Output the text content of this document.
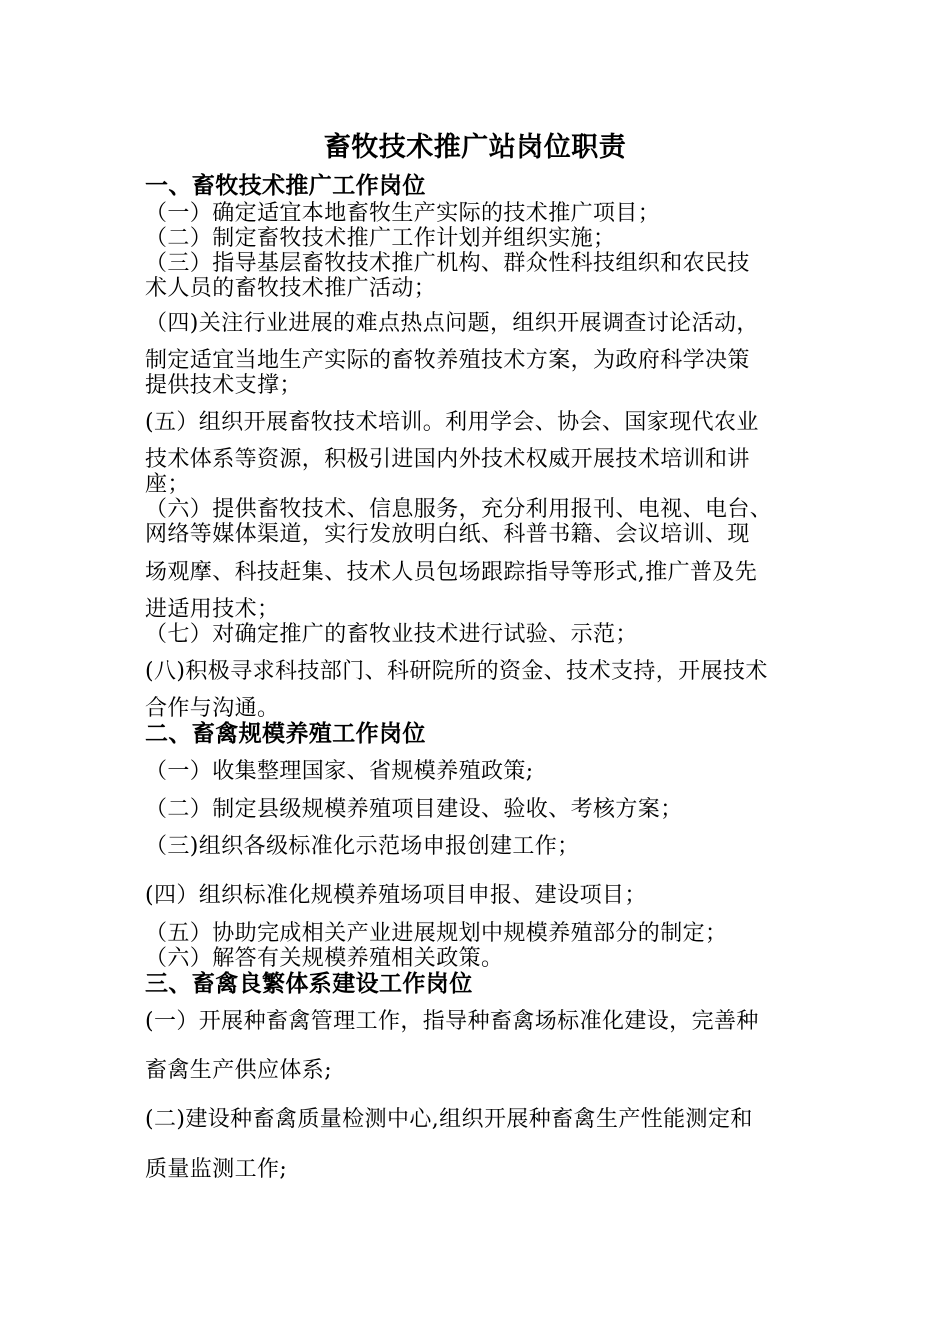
畜牧技术推广站岗位职责
一、畜牧技术推广工作岗位
（一）确定适宜本地畜牧生产实际的技术推广项目；
（二）制定畜牧技术推广工作计划并组织实施；
（三）指导基层畜牧技术推广机构、群众性科技组织和农民技
术人员的畜牧技术推广活动；
（四)关注行业进展的难点热点问题，组织开展调查讨论活动，
制定适宜当地生产实际的畜牧养殖技术方案，为政府科学决策
提供技术支撑；
(五）组织开展畜牧技术培训。利用学会、协会、国家现代农业
技术体系等资源，积极引进国内外技术权威开展技术培训和讲
座；
（六）提供畜牧技术、信息服务，充分利用报刊、电视、电台、
网络等媒体渠道，实行发放明白纸、科普书籍、会议培训、现
场观摩、科技赶集、技术人员包场跟踪指导等形式,推广普及先
进适用技术；
（七）对确定推广的畜牧业技术进行试验、示范；
(八)积极寻求科技部门、科研院所的资金、技术支持，开展技术
合作与沟通。
二、畜禽规模养殖工作岗位
（一）收集整理国家、省规模养殖政策;
（二）制定县级规模养殖项目建设、验收、考核方案；
（三)组织各级标准化示范场申报创建工作；
(四）组织标准化规模养殖场项目申报、建设项目；
（五）协助完成相关产业进展规划中规模养殖部分的制定；
（六）解答有关规模养殖相关政策。
三、畜禽良繁体系建设工作岗位
(一）开展种畜禽管理工作，指导种畜禽场标准化建设，完善种
畜禽生产供应体系;
(二)建设种畜禽质量检测中心,组织开展种畜禽生产性能测定和
质量监测工作;
